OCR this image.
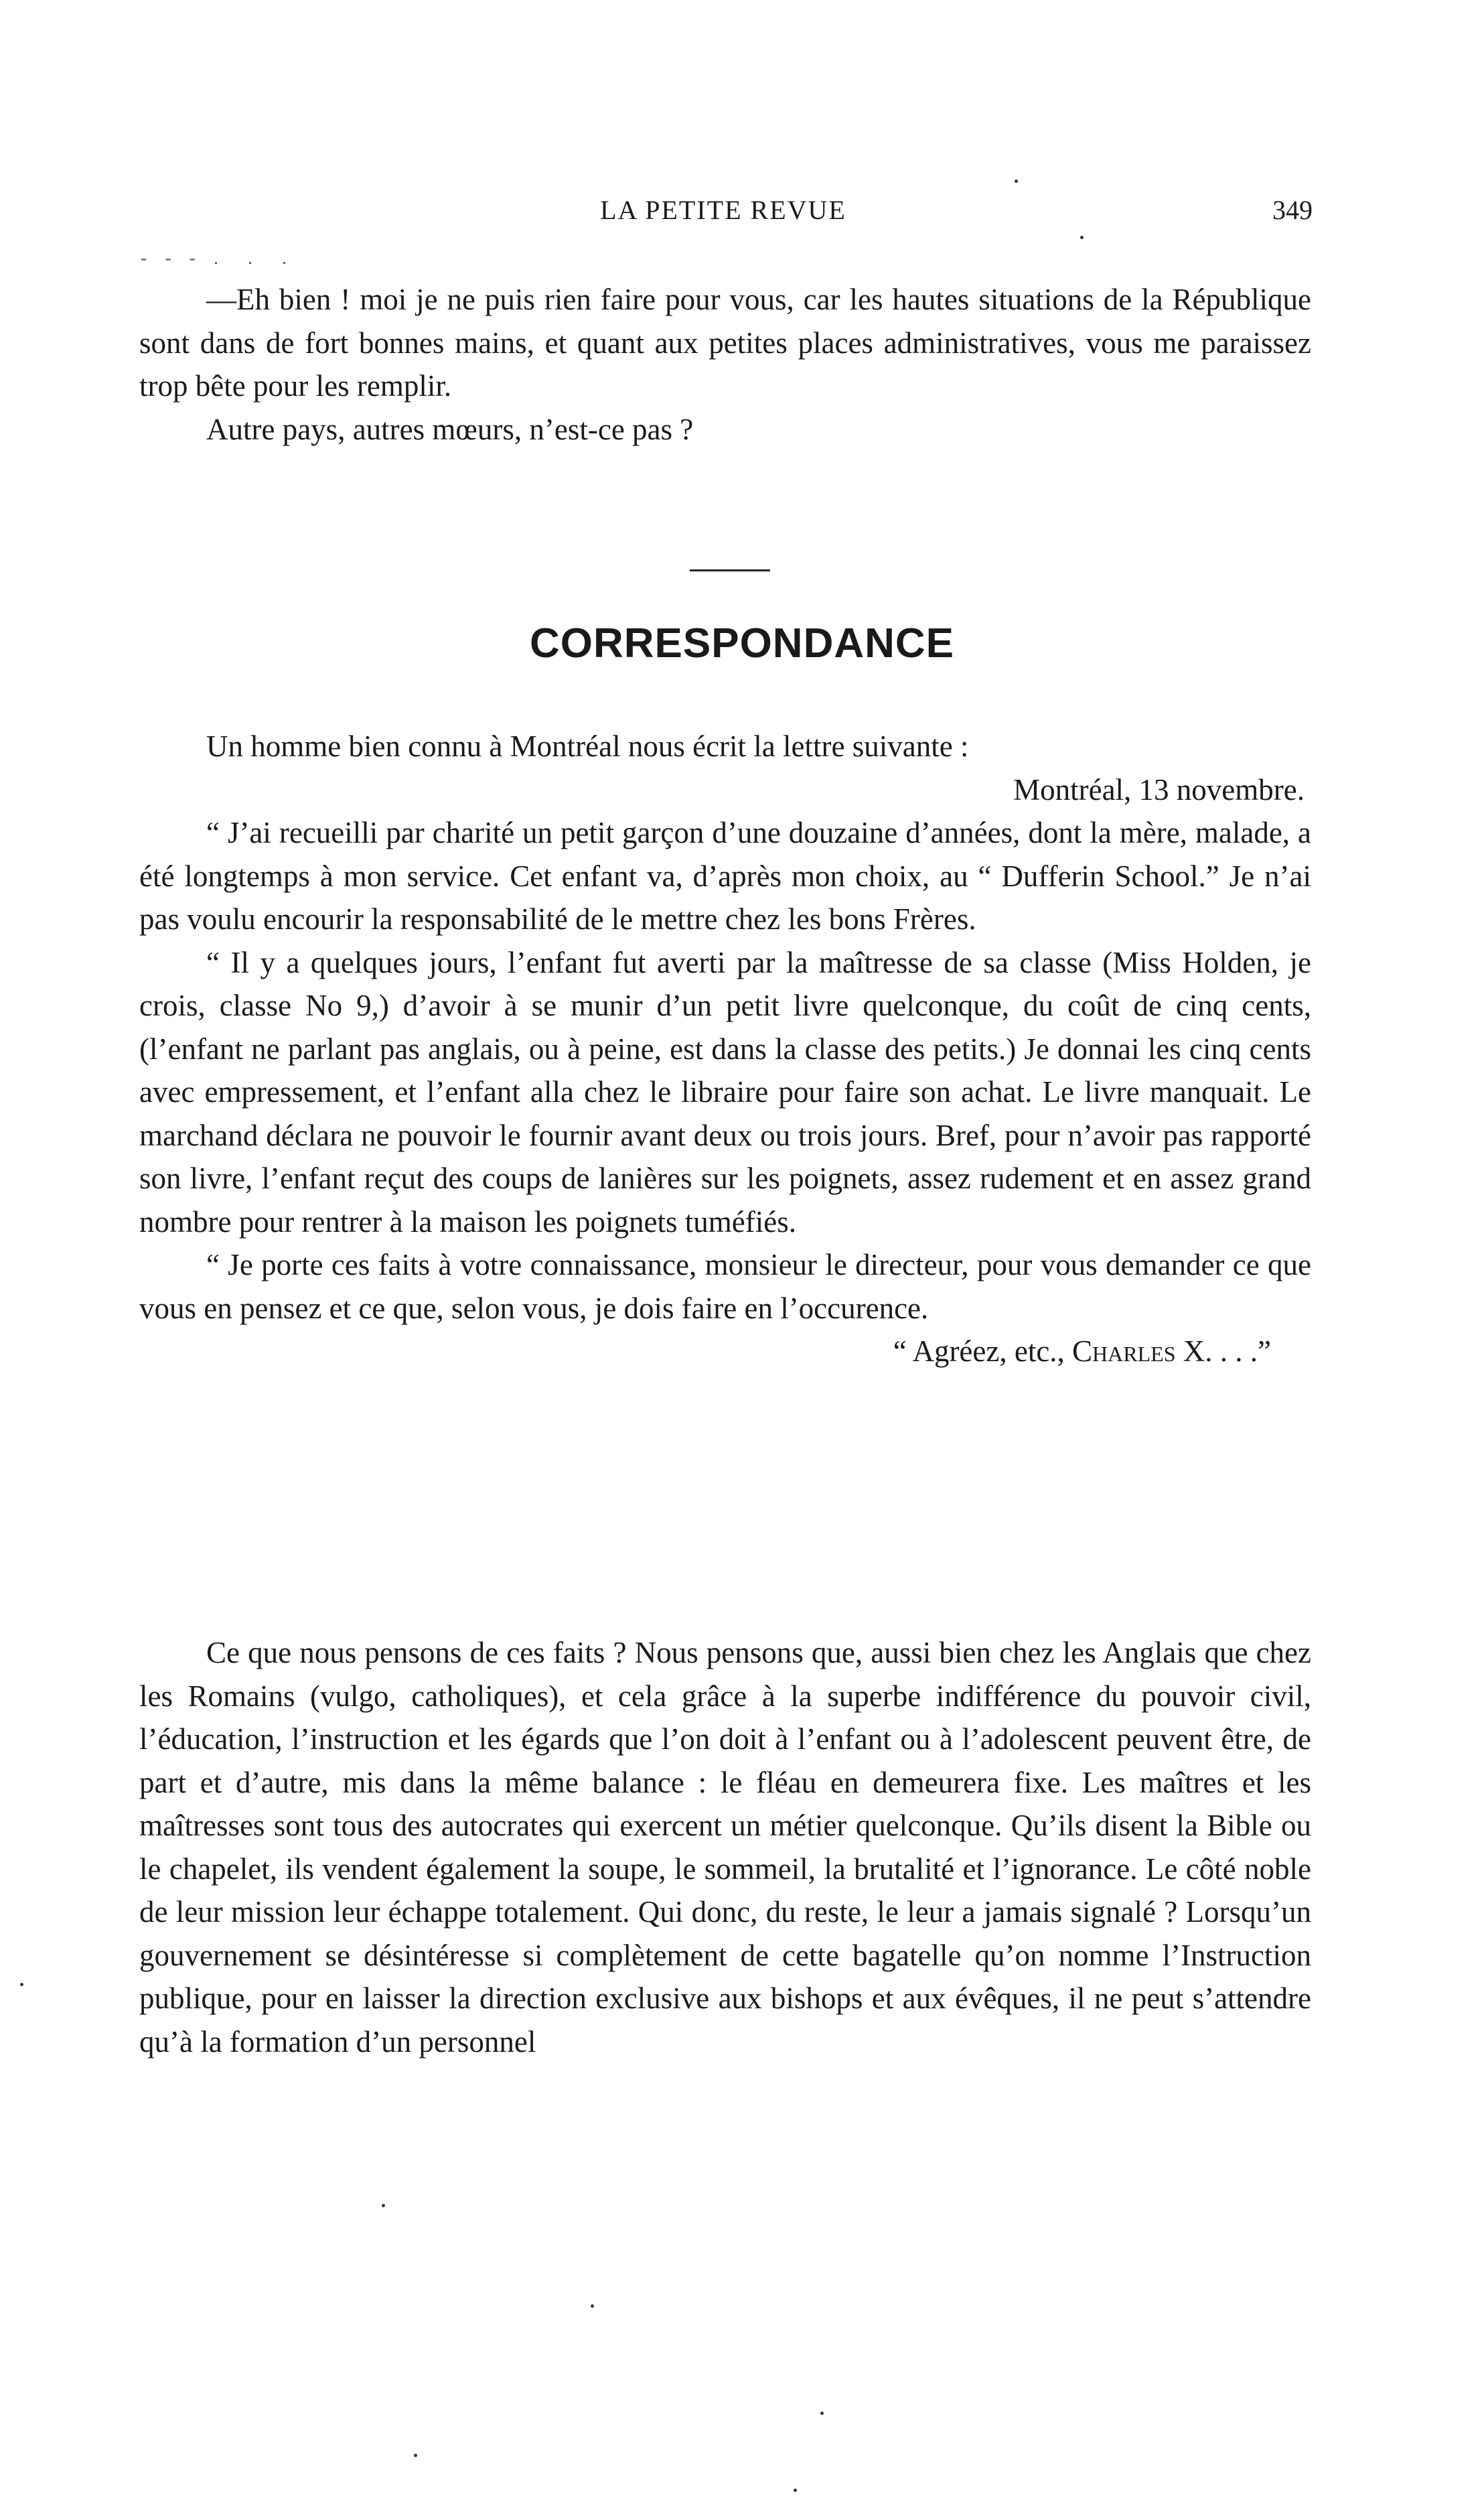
LA PETITE REVUE	349
- - - .  .  .

—Eh bien ! moi je ne puis rien faire pour vous, car les hautes situations de la République sont dans de fort bonnes mains, et quant aux petites places administratives, vous me paraissez trop bête pour les remplir.

Autre pays, autres mœurs, n’est-ce pas ?

CORRESPONDANCE

Un homme bien connu à Montréal nous écrit la lettre suivante :

Montréal, 13 novembre.

“ J’ai recueilli par charité un petit garçon d’une douzaine d’années, dont la mère, malade, a été longtemps à mon service. Cet enfant va, d’après mon choix, au “ Dufferin School.” Je n’ai pas voulu encourir la responsabilité de le mettre chez les bons Frères.

“ Il y a quelques jours, l’enfant fut averti par la maîtresse de sa classe (Miss Holden, je crois, classe No 9,) d’avoir à se munir d’un petit livre quelconque, du coût de cinq cents, (l’enfant ne parlant pas anglais, ou à peine, est dans la classe des petits.) Je donnai les cinq cents avec empressement, et l’enfant alla chez le libraire pour faire son achat. Le livre manquait. Le marchand déclara ne pouvoir le fournir avant deux ou trois jours. Bref, pour n’avoir pas rapporté son livre, l’enfant reçut des coups de lanières sur les poignets, assez rudement et en assez grand nombre pour rentrer à la maison les poignets tuméfiés.

“ Je porte ces faits à votre connaissance, monsieur le directeur, pour vous demander ce que vous en pensez et ce que, selon vous, je dois faire en l’occurence.

“ Agréez, etc., Charles X. . . .”

Ce que nous pensons de ces faits ? Nous pensons que, aussi bien chez les Anglais que chez les Romains (vulgo, catholiques), et cela grâce à la superbe indifférence du pouvoir civil, l’éducation, l’instruction et les égards que l’on doit à l’enfant ou à l’adolescent peuvent être, de part et d’autre, mis dans la même balance : le fléau en demeurera fixe. Les maîtres et les maîtresses sont tous des autocrates qui exercent un métier quelconque. Qu’ils disent la Bible ou le chapelet, ils vendent également la soupe, le sommeil, la brutalité et l’ignorance. Le côté noble de leur mission leur échappe totalement. Qui donc, du reste, le leur a jamais signalé ? Lorsqu’un gouvernement se désintéresse si complètement de cette bagatelle qu’on nomme l’Instruction publique, pour en laisser la direction exclusive aux bishops et aux évêques, il ne peut s’attendre qu’à la formation d’un personnel
